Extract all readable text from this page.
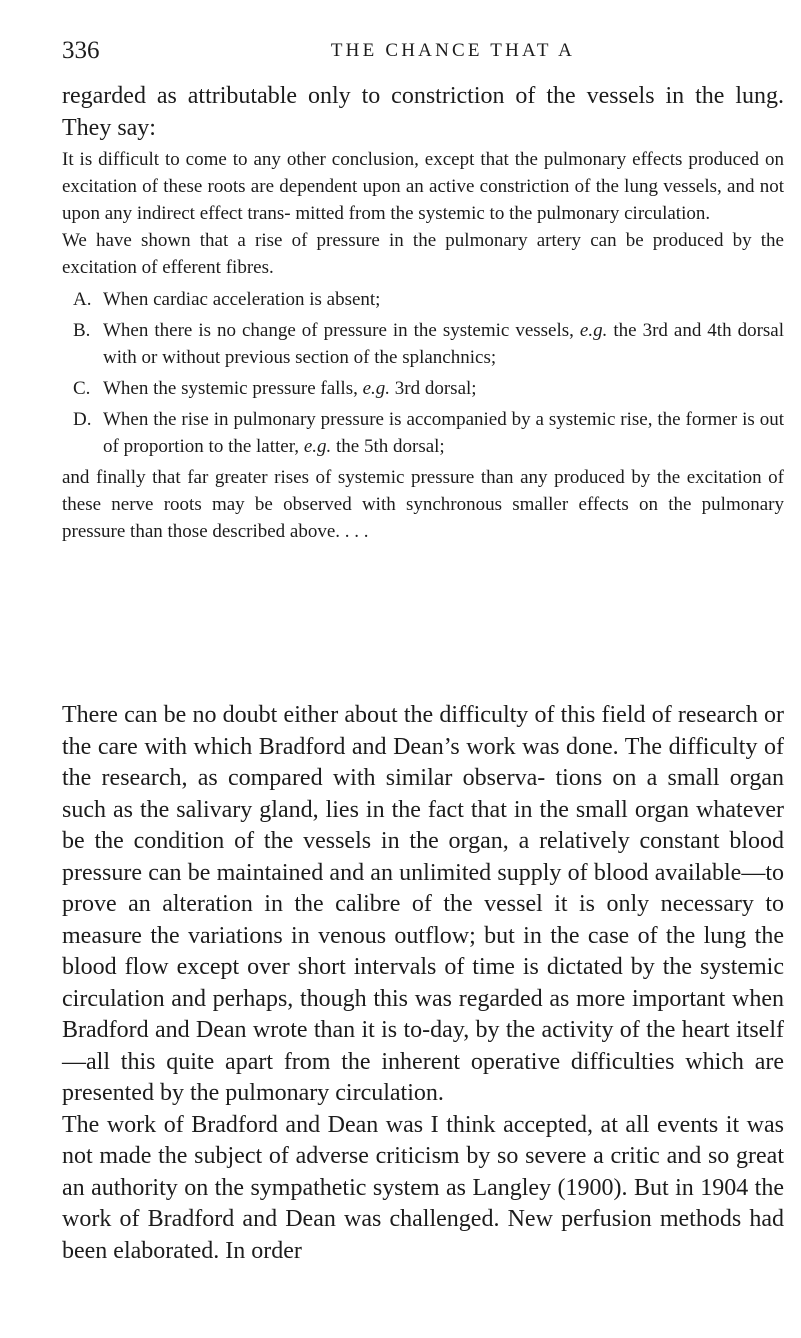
336	THE CHANCE THAT A

regarded as attributable only to constriction of the vessels in the lung. They say:

It is difficult to come to any other conclusion, except that the pulmonary effects produced on excitation of these roots are dependent upon an active constriction of the lung vessels, and not upon any indirect effect trans- mitted from the systemic to the pulmonary circulation.

We have shown that a rise of pressure in the pulmonary artery can be produced by the excitation of efferent fibres.

A. When cardiac acceleration is absent;
B. When there is no change of pressure in the systemic vessels, e.g. the 3rd and 4th dorsal with or without previous section of the splanchnics;
C. When the systemic pressure falls, e.g. 3rd dorsal;
D. When the rise in pulmonary pressure is accompanied by a systemic rise, the former is out of proportion to the latter, e.g. the 5th dorsal;

and finally that far greater rises of systemic pressure than any produced by the excitation of these nerve roots may be observed with synchronous smaller effects on the pulmonary pressure than those described above. . . .

There can be no doubt either about the difficulty of this field of research or the care with which Bradford and Dean’s work was done. The difficulty of the research, as compared with similar observa- tions on a small organ such as the salivary gland, lies in the fact that in the small organ whatever be the condition of the vessels in the organ, a relatively constant blood pressure can be maintained and an unlimited supply of blood available—to prove an alteration in the calibre of the vessel it is only necessary to measure the variations in venous outflow; but in the case of the lung the blood flow except over short intervals of time is dictated by the systemic circulation and perhaps, though this was regarded as more important when Bradford and Dean wrote than it is to-day, by the activity of the heart itself—all this quite apart from the inherent operative difficulties which are presented by the pulmonary circulation.

The work of Bradford and Dean was I think accepted, at all events it was not made the subject of adverse criticism by so severe a critic and so great an authority on the sympathetic system as Langley (1900). But in 1904 the work of Bradford and Dean was challenged. New perfusion methods had been elaborated. In order
